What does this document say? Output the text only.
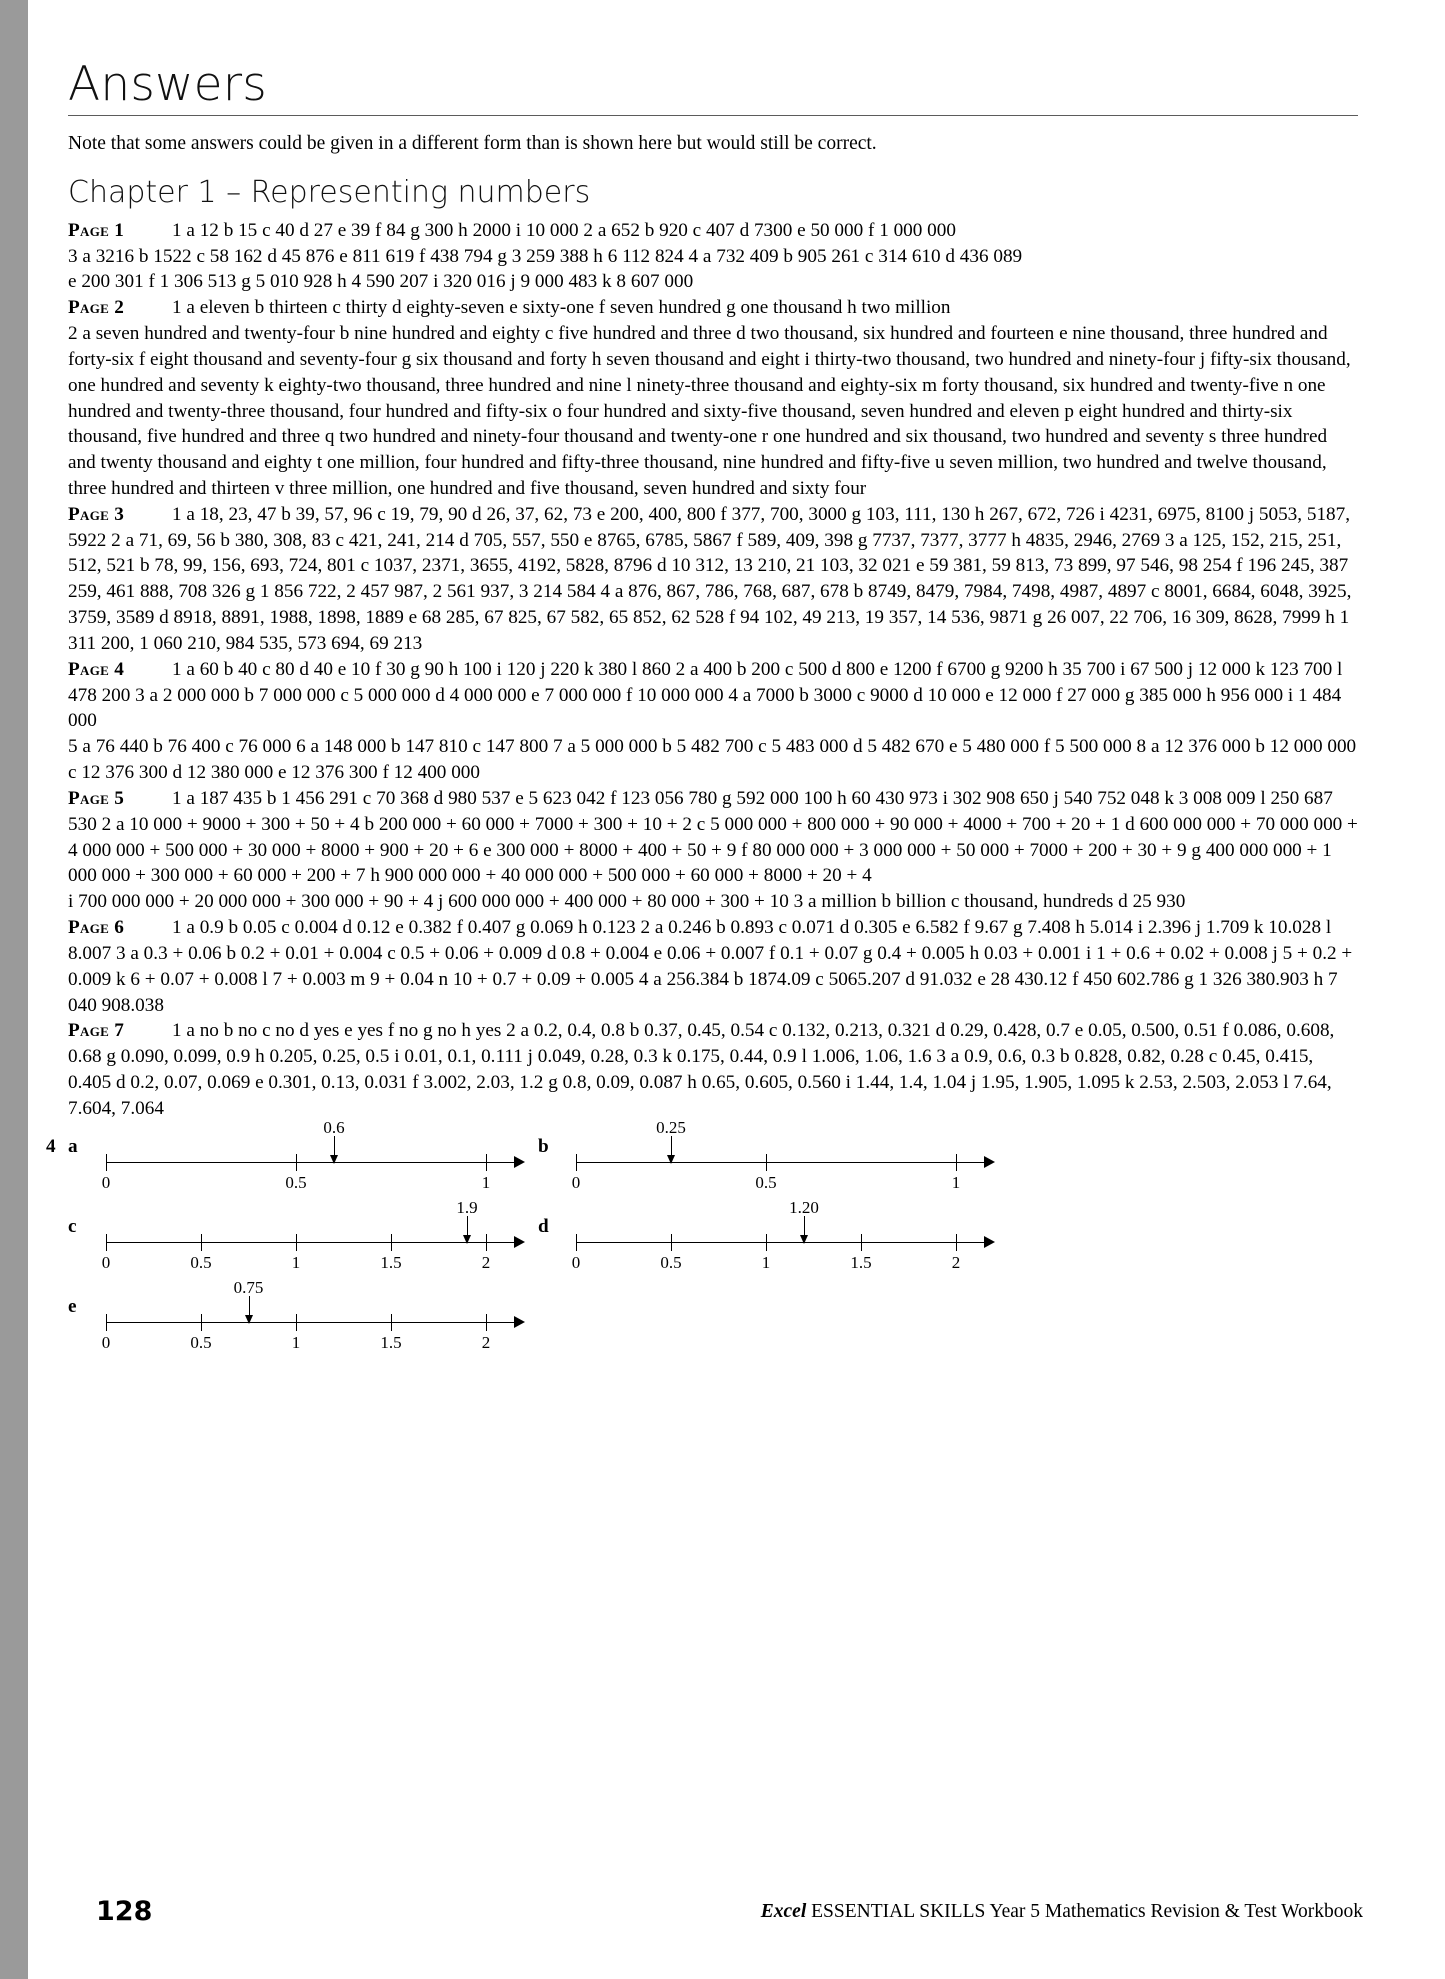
Answers

Note that some answers could be given in a different form than is shown here but would still be correct.

Chapter 1 – Representing numbers

Page 1 1 a 12 b 15 c 40 d 27 e 39 f 84 g 300 h 2000 i 10 000 2 a 652 b 920 c 407 d 7300 e 50 000 f 1 000 000

3 a 3216 b 1522 c 58 162 d 45 876 e 811 619 f 438 794 g 3 259 388 h 6 112 824 4 a 732 409 b 905 261 c 314 610 d 436 089

e 200 301 f 1 306 513 g 5 010 928 h 4 590 207 i 320 016 j 9 000 483 k 8 607 000

Page 2 1 a eleven b thirteen c thirty d eighty-seven e sixty-one f seven hundred g one thousand h two million

2 a seven hundred and twenty-four b nine hundred and eighty c five hundred and three d two thousand, six hundred and fourteen e nine thousand, three hundred and forty-six f eight thousand and seventy-four g six thousand and forty h seven thousand and eight i thirty-two thousand, two hundred and ninety-four j fifty-six thousand, one hundred and seventy k eighty-two thousand, three hundred and nine l ninety-three thousand and eighty-six m forty thousand, six hundred and twenty-five n one hundred and twenty-three thousand, four hundred and fifty-six o four hundred and sixty-five thousand, seven hundred and eleven p eight hundred and thirty-six thousand, five hundred and three q two hundred and ninety-four thousand and twenty-one r one hundred and six thousand, two hundred and seventy s three hundred and twenty thousand and eighty t one million, four hundred and fifty-three thousand, nine hundred and fifty-five u seven million, two hundred and twelve thousand, three hundred and thirteen v three million, one hundred and five thousand, seven hundred and sixty four

Page 3 1 a 18, 23, 47 b 39, 57, 96 c 19, 79, 90 d 26, 37, 62, 73 e 200, 400, 800 f 377, 700, 3000 g 103, 111, 130 h 267, 672, 726 i 4231, 6975, 8100 j 5053, 5187, 5922 2 a 71, 69, 56 b 380, 308, 83 c 421, 241, 214 d 705, 557, 550 e 8765, 6785, 5867 f 589, 409, 398 g 7737, 7377, 3777 h 4835, 2946, 2769 3 a 125, 152, 215, 251, 512, 521 b 78, 99, 156, 693, 724, 801 c 1037, 2371, 3655, 4192, 5828, 8796 d 10 312, 13 210, 21 103, 32 021 e 59 381, 59 813, 73 899, 97 546, 98 254 f 196 245, 387 259, 461 888, 708 326 g 1 856 722, 2 457 987, 2 561 937, 3 214 584 4 a 876, 867, 786, 768, 687, 678 b 8749, 8479, 7984, 7498, 4987, 4897 c 8001, 6684, 6048, 3925, 3759, 3589 d 8918, 8891, 1988, 1898, 1889 e 68 285, 67 825, 67 582, 65 852, 62 528 f 94 102, 49 213, 19 357, 14 536, 9871 g 26 007, 22 706, 16 309, 8628, 7999 h 1 311 200, 1 060 210, 984 535, 573 694, 69 213

Page 4 1 a 60 b 40 c 80 d 40 e 10 f 30 g 90 h 100 i 120 j 220 k 380 l 860 2 a 400 b 200 c 500 d 800 e 1200 f 6700 g 9200 h 35 700 i 67 500 j 12 000 k 123 700 l 478 200 3 a 2 000 000 b 7 000 000 c 5 000 000 d 4 000 000 e 7 000 000 f 10 000 000 4 a 7000 b 3000 c 9000 d 10 000 e 12 000 f 27 000 g 385 000 h 956 000 i 1 484 000

5 a 76 440 b 76 400 c 76 000 6 a 148 000 b 147 810 c 147 800 7 a 5 000 000 b 5 482 700 c 5 483 000 d 5 482 670 e 5 480 000 f 5 500 000 8 a 12 376 000 b 12 000 000 c 12 376 300 d 12 380 000 e 12 376 300 f 12 400 000

Page 5 1 a 187 435 b 1 456 291 c 70 368 d 980 537 e 5 623 042 f 123 056 780 g 592 000 100 h 60 430 973 i 302 908 650 j 540 752 048 k 3 008 009 l 250 687 530 2 a 10 000 + 9000 + 300 + 50 + 4 b 200 000 + 60 000 + 7000 + 300 + 10 + 2 c 5 000 000 + 800 000 + 90 000 + 4000 + 700 + 20 + 1 d 600 000 000 + 70 000 000 + 4 000 000 + 500 000 + 30 000 + 8000 + 900 + 20 + 6 e 300 000 + 8000 + 400 + 50 + 9 f 80 000 000 + 3 000 000 + 50 000 + 7000 + 200 + 30 + 9 g 400 000 000 + 1 000 000 + 300 000 + 60 000 + 200 + 7 h 900 000 000 + 40 000 000 + 500 000 + 60 000 + 8000 + 20 + 4

i 700 000 000 + 20 000 000 + 300 000 + 90 + 4 j 600 000 000 + 400 000 + 80 000 + 300 + 10 3 a million b billion c thousand, hundreds d 25 930

Page 6 1 a 0.9 b 0.05 c 0.004 d 0.12 e 0.382 f 0.407 g 0.069 h 0.123 2 a 0.246 b 0.893 c 0.071 d 0.305 e 6.582 f 9.67 g 7.408 h 5.014 i 2.396 j 1.709 k 10.028 l 8.007 3 a 0.3 + 0.06 b 0.2 + 0.01 + 0.004 c 0.5 + 0.06 + 0.009 d 0.8 + 0.004 e 0.06 + 0.007 f 0.1 + 0.07 g 0.4 + 0.005 h 0.03 + 0.001 i 1 + 0.6 + 0.02 + 0.008 j 5 + 0.2 + 0.009 k 6 + 0.07 + 0.008 l 7 + 0.003 m 9 + 0.04 n 10 + 0.7 + 0.09 + 0.005 4 a 256.384 b 1874.09 c 5065.207 d 91.032 e 28 430.12 f 450 602.786 g 1 326 380.903 h 7 040 908.038

Page 7 1 a no b no c no d yes e yes f no g no h yes 2 a 0.2, 0.4, 0.8 b 0.37, 0.45, 0.54 c 0.132, 0.213, 0.321 d 0.29, 0.428, 0.7 e 0.05, 0.500, 0.51 f 0.086, 0.608, 0.68 g 0.090, 0.099, 0.9 h 0.205, 0.25, 0.5 i 0.01, 0.1, 0.111 j 0.049, 0.28, 0.3 k 0.175, 0.44, 0.9 l 1.006, 1.06, 1.6 3 a 0.9, 0.6, 0.3 b 0.828, 0.82, 0.28 c 0.45, 0.415, 0.405 d 0.2, 0.07, 0.069 e 0.301, 0.13, 0.031 f 3.002, 2.03, 1.2 g 0.8, 0.09, 0.087 h 0.65, 0.605, 0.560 i 1.44, 1.4, 1.04 j 1.95, 1.905, 1.095 k 2.53, 2.503, 2.053 l 7.64, 7.604, 7.064

4 a
0	0.5	1
0.6
b
0	0.5	1
0.25
c
0	0.5	1	1.5	2
1.9
d
0	0.5	1	1.5	2
1.20
e
0	0.5	1	1.5	2
0.75
128	Excel ESSENTIAL SKILLS Year 5 Mathematics Revision & Test Workbook
